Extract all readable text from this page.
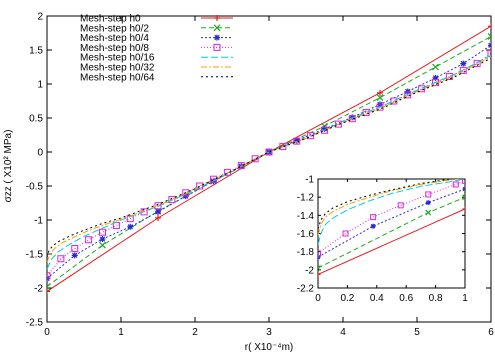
0	1	2	3	4	5	6
-2.5
-2
-1.5
-1
-0.5
0
0.5
1
1.5
2
0 0.2 0.4 0.6 0.8 1
-2.2
-2
-1.8
-1.6
-1.4
-1.2
-1
Mesh-step h0
Mesh-step h0/2
Mesh-step h0/4
Mesh-step h0/8
Mesh-step h0/16
Mesh-step h0/32
Mesh-step h0/64
r( X10⁻⁴m)
σzz ( X10² MPa)
